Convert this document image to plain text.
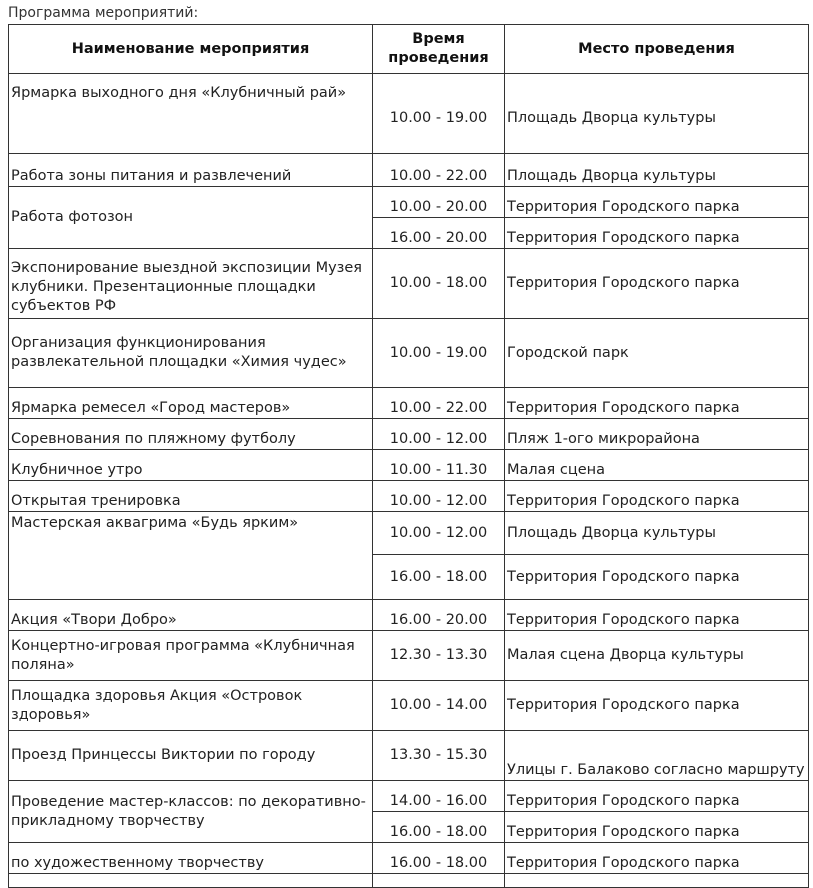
Программа мероприятий:
Наименование мероприятия	Время проведения	Место проведения
Ярмарка выходного дня «Клубничный рай»	10.00 - 19.00	Площадь Дворца культуры
Работа зоны питания и развлечений	10.00 - 22.00	Площадь Дворца культуры
Работа фотозон	10.00 - 20.00	Территория Городского парка
	16.00 - 20.00	Территория Городского парка
Экспонирование выездной экспозиции Музея клубники. Презентационные площадки субъектов РФ	10.00 - 18.00	Территория Городского парка
Организация функционирования развлекательной площадки «Химия чудес»	10.00 - 19.00	Городской парк
Ярмарка ремесел «Город мастеров»	10.00 - 22.00	Территория Городского парка
Соревнования по пляжному футболу	10.00 - 12.00	Пляж 1-ого микрорайона
Клубничное утро	10.00 - 11.30	Малая сцена
Открытая тренировка	10.00 - 12.00	Территория Городского парка
Мастерская аквагрима «Будь ярким»	10.00 - 12.00	Площадь Дворца культуры
	16.00 - 18.00	Территория Городского парка
Акция «Твори Добро»	16.00 - 20.00	Территория Городского парка
Концертно-игровая программа «Клубничная поляна»	12.30 - 13.30	Малая сцена Дворца культуры
Площадка здоровья Акция «Островок здоровья»	10.00 - 14.00	Территория Городского парка
Проезд Принцессы Виктории по городу	13.30 - 15.30	Улицы г. Балаково согласно маршруту
Проведение мастер-классов: по декоративно-прикладному творчеству	14.00 - 16.00	Территория Городского парка
	16.00 - 18.00	Территория Городского парка
по художественному творчеству	16.00 - 18.00	Территория Городского парка
